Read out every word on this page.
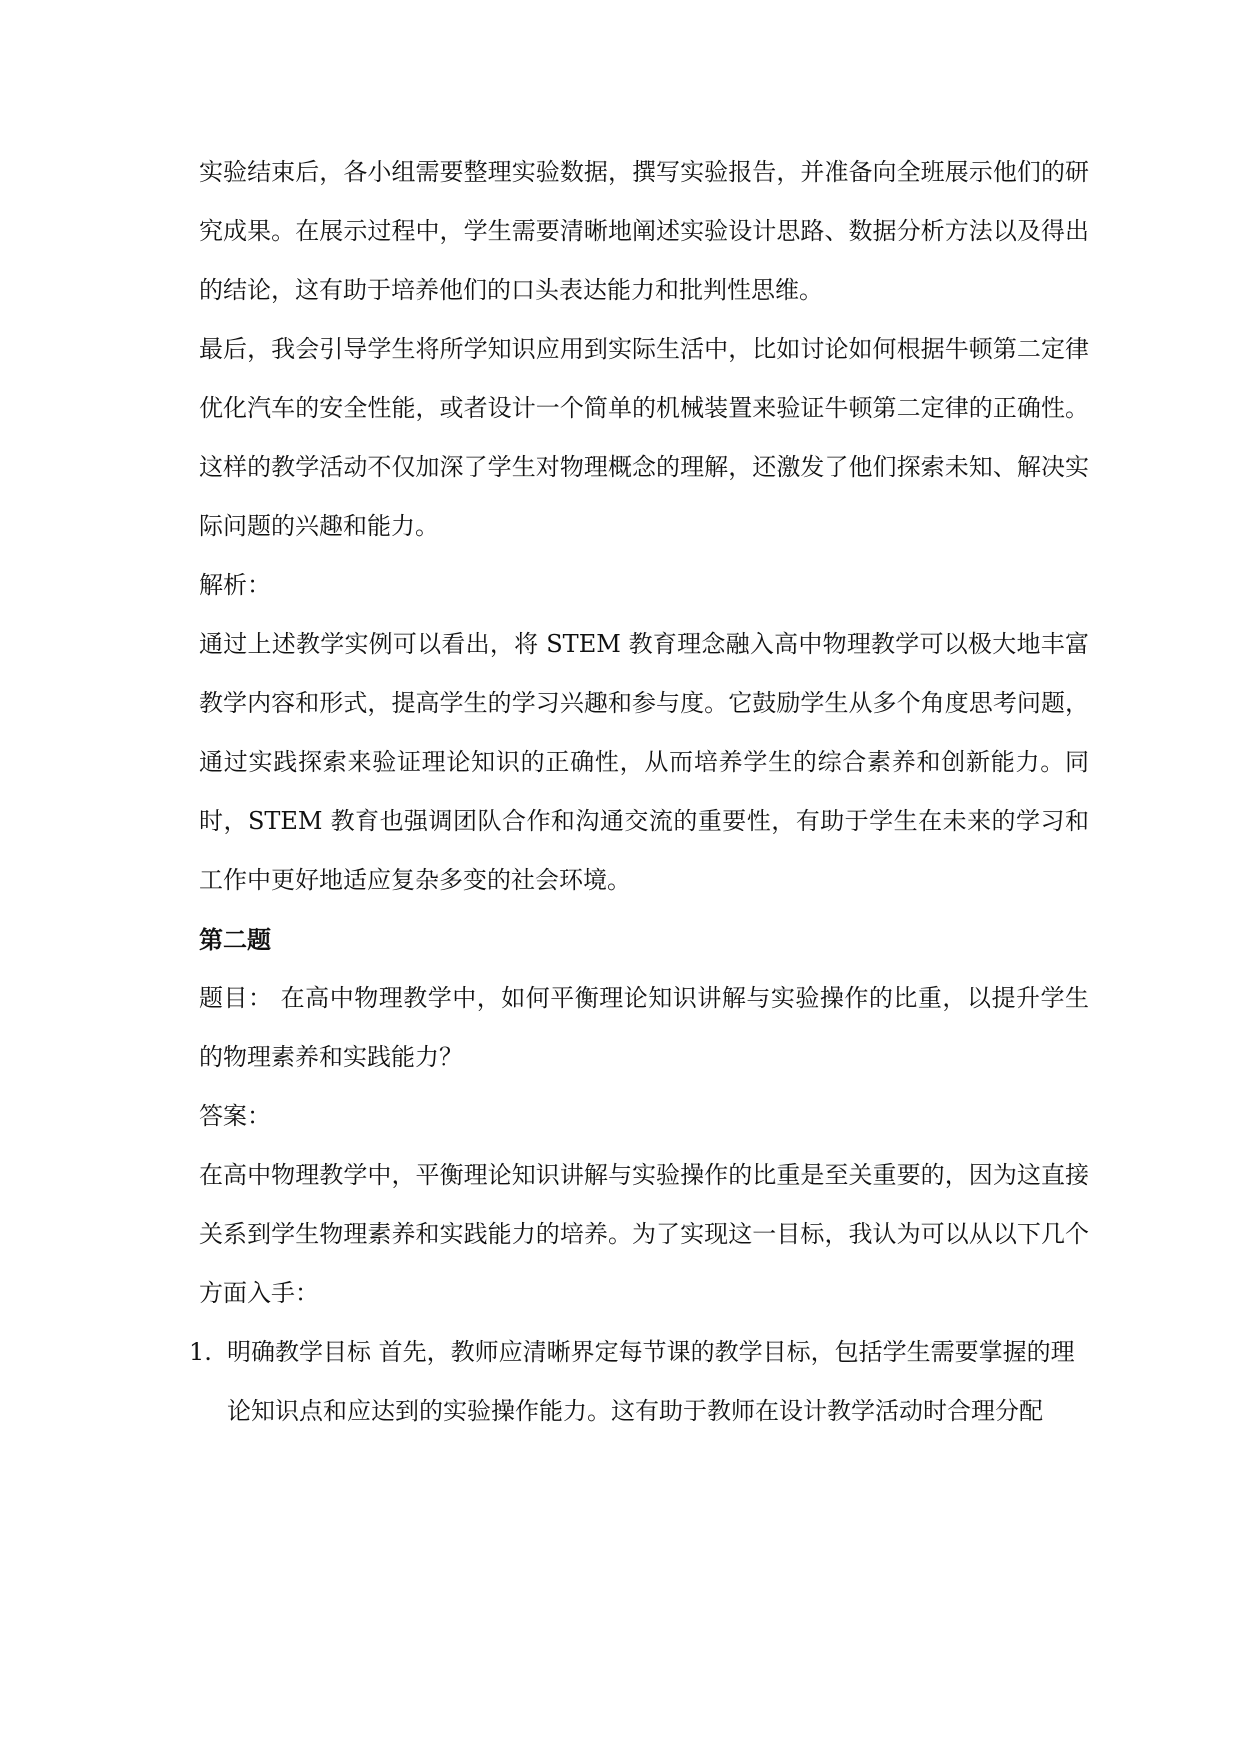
实验结束后，各小组需要整理实验数据，撰写实验报告，并准备向全班展示他们的研究成果。在展示过程中，学生需要清晰地阐述实验设计思路、数据分析方法以及得出的结论，这有助于培养他们的口头表达能力和批判性思维。

最后，我会引导学生将所学知识应用到实际生活中，比如讨论如何根据牛顿第二定律优化汽车的安全性能，或者设计一个简单的机械装置来验证牛顿第二定律的正确性。这样的教学活动不仅加深了学生对物理概念的理解，还激发了他们探索未知、解决实际问题的兴趣和能力。

解析：

通过上述教学实例可以看出，将 STEM 教育理念融入高中物理教学可以极大地丰富教学内容和形式，提高学生的学习兴趣和参与度。它鼓励学生从多个角度思考问题，通过实践探索来验证理论知识的正确性，从而培养学生的综合素养和创新能力。同时，STEM 教育也强调团队合作和沟通交流的重要性，有助于学生在未来的学习和工作中更好地适应复杂多变的社会环境。

第二题

题目： 在高中物理教学中，如何平衡理论知识讲解与实验操作的比重，以提升学生的物理素养和实践能力？

答案：

在高中物理教学中，平衡理论知识讲解与实验操作的比重是至关重要的，因为这直接关系到学生物理素养和实践能力的培养。为了实现这一目标，我认为可以从以下几个方面入手：

1. 明确教学目标 首先，教师应清晰界定每节课的教学目标，包括学生需要掌握的理论知识点和应达到的实验操作能力。这有助于教师在设计教学活动时合理分配
